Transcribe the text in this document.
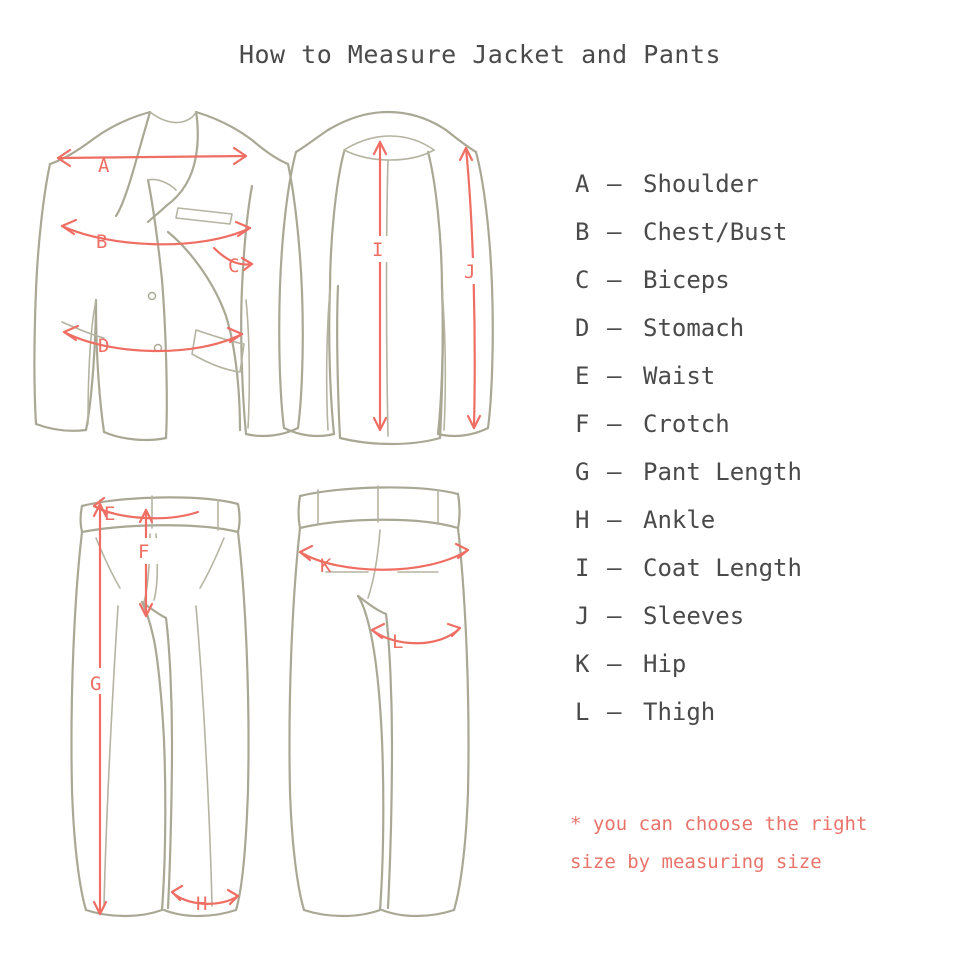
How to Measure Jacket and Pants
A
B
C
D
I
J
E
F
G
H
K
L
A – Shoulder
B – Chest/Bust
C – Biceps
D – Stomach
E – Waist
F – Crotch
G – Pant Length
H – Ankle
I – Coat Length
J – Sleeves
K – Hip
L – Thigh
* you can choose the right
size by measuring size
